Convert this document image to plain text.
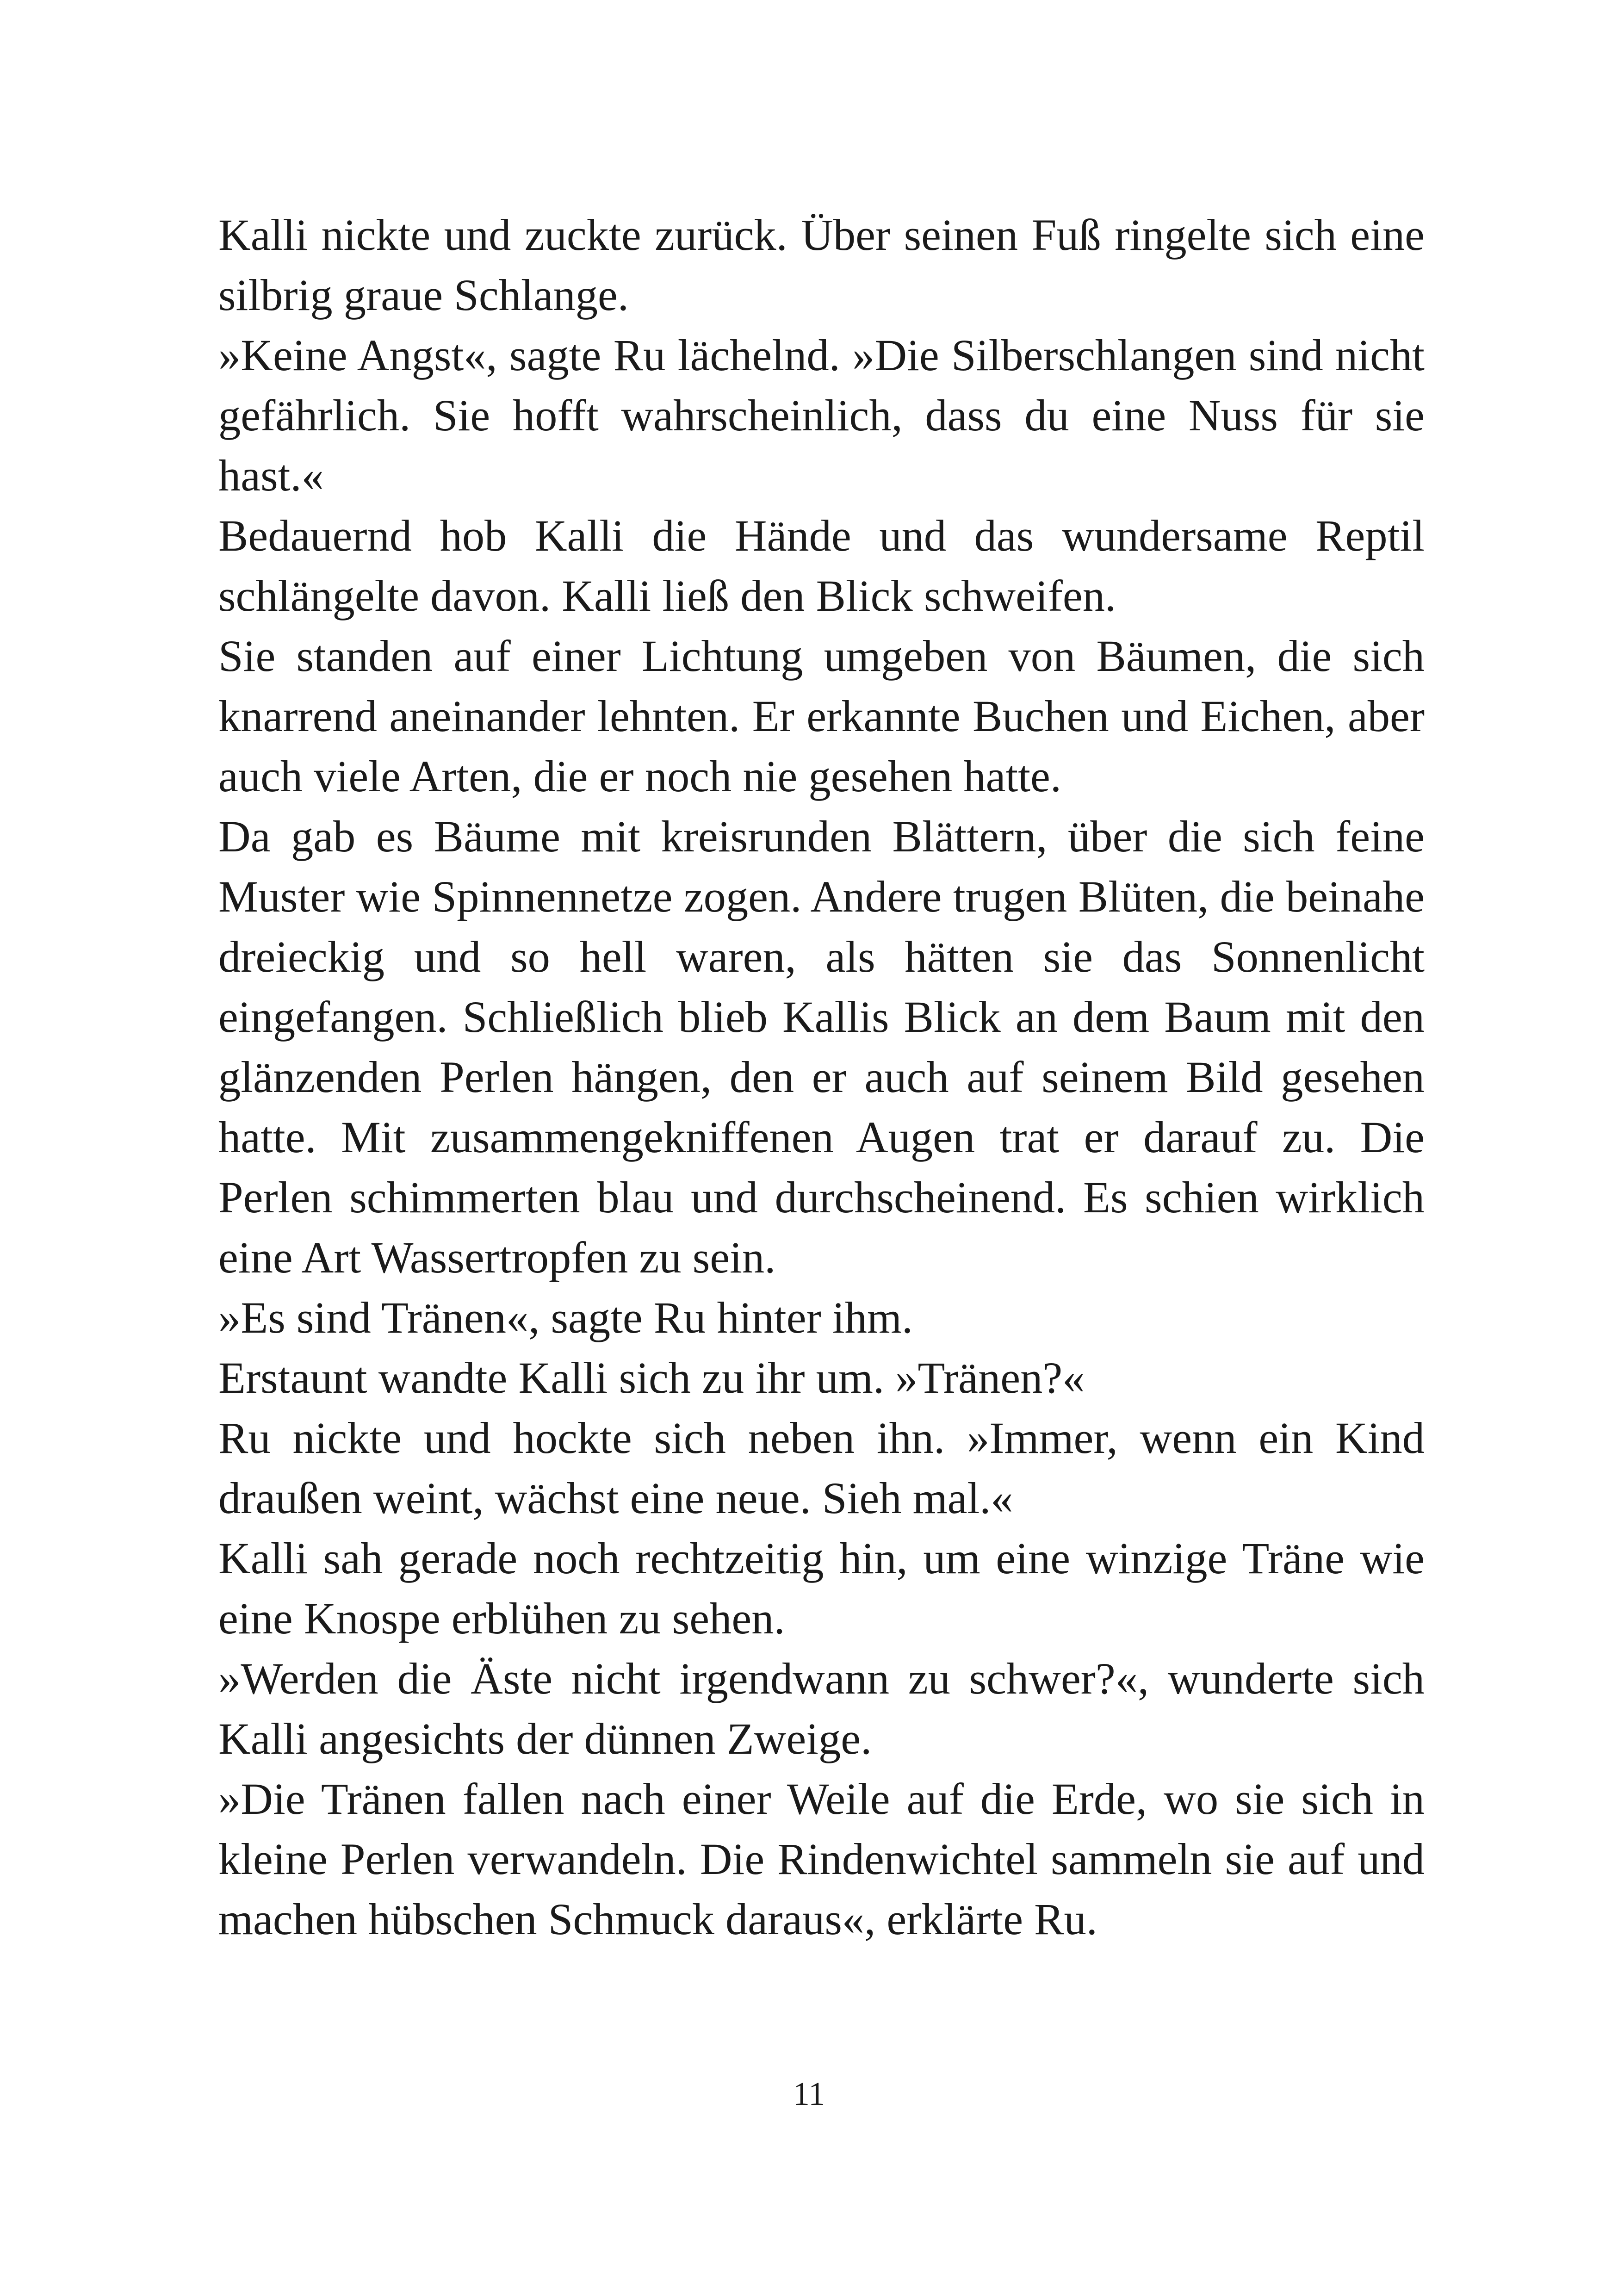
Kalli nickte und zuckte zurück. Über seinen Fuß ringelte sich eine silbrig graue Schlange.

»Keine Angst«, sagte Ru lächelnd. »Die Silberschlangen sind nicht gefährlich. Sie hofft wahrscheinlich, dass du eine Nuss für sie hast.«

Bedauernd hob Kalli die Hände und das wundersame Reptil schlängelte davon. Kalli ließ den Blick schweifen.

Sie standen auf einer Lichtung umgeben von Bäumen, die sich knarrend aneinander lehnten. Er erkannte Buchen und Eichen, aber auch viele Arten, die er noch nie gesehen hatte.

Da gab es Bäume mit kreisrunden Blättern, über die sich feine Muster wie Spinnennetze zogen. Andere trugen Blüten, die beinahe dreieckig und so hell waren, als hätten sie das Sonnenlicht eingefangen. Schließlich blieb Kallis Blick an dem Baum mit den glänzenden Perlen hängen, den er auch auf seinem Bild gesehen hatte. Mit zusammengekniffenen Augen trat er darauf zu. Die Perlen schimmerten blau und durchscheinend. Es schien wirklich eine Art Wassertropfen zu sein.

»Es sind Tränen«, sagte Ru hinter ihm.

Erstaunt wandte Kalli sich zu ihr um. »Tränen?«

Ru nickte und hockte sich neben ihn. »Immer, wenn ein Kind draußen weint, wächst eine neue. Sieh mal.«

Kalli sah gerade noch rechtzeitig hin, um eine winzige Träne wie eine Knospe erblühen zu sehen.

»Werden die Äste nicht irgendwann zu schwer?«, wunderte sich Kalli angesichts der dünnen Zweige.

»Die Tränen fallen nach einer Weile auf die Erde, wo sie sich in kleine Perlen verwandeln. Die Rindenwichtel sammeln sie auf und machen hübschen Schmuck daraus«, erklärte Ru.

11
